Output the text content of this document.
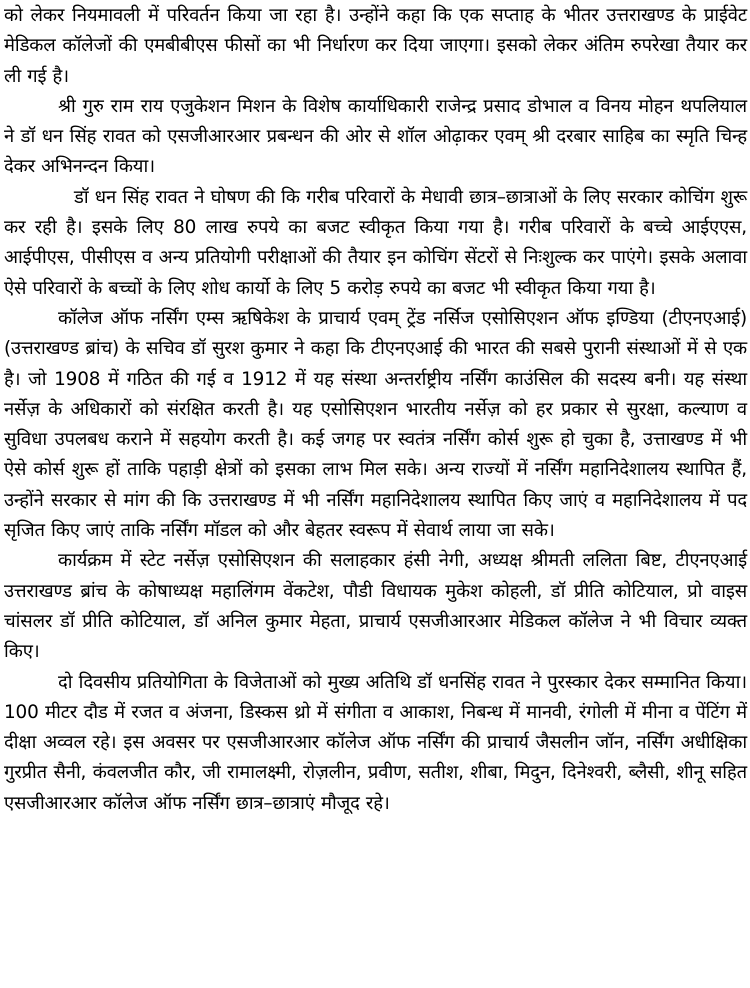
को लेकर नियमावली में परिवर्तन किया जा रहा है। उन्होंने कहा कि एक सप्ताह के भीतर उत्तराखण्ड के प्राईवेट मेडिकल कॉलेजों की एमबीबीएस फीसों का भी निर्धारण कर दिया जाएगा। इसको लेकर अंतिम रुपरेखा तैयार कर ली गई है।

श्री गुरु राम राय एजुकेशन मिशन के विशेष कार्याधिकारी राजेन्द्र प्रसाद डोभाल व विनय मोहन थपलियाल ने डॉ धन सिंह रावत को एसजीआरआर प्रबन्धन की ओर से शॉल ओढ़ाकर एवम् श्री दरबार साहिब का स्मृति चिन्ह देकर अभिनन्दन किया।

डॉ धन सिंह रावत ने घोषण की कि गरीब परिवारों के मेधावी छात्र–छात्राओं के लिए सरकार कोचिंग शुरू कर रही है। इसके लिए 80 लाख रुपये का बजट स्वीकृत किया गया है। गरीब परिवारों के बच्चे आईएएस, आईपीएस, पीसीएस व अन्य प्रतियोगी परीक्षाओं की तैयार इन कोचिंग सेंटरों से निःशुल्क कर पाएंगे। इसके अलावा ऐसे परिवारों के बच्चों के लिए शोध कार्यो के लिए 5 करोड़ रुपये का बजट भी स्वीकृत किया गया है।

कॉलेज ऑफ नर्सिंग एम्स ऋषिकेश के प्राचार्य एवम् ट्रेंड नर्सिज एसोसिएशन ऑफ इण्डिया (टीएनएआई) (उत्तराखण्ड ब्रांच) के सचिव डॉ सुरश कुमार ने कहा कि टीएनएआई की भारत की सबसे पुरानी संस्थाओं में से एक है। जो 1908 में गठित की गई व 1912 में यह संस्था अन्तर्राष्ट्रीय नर्सिंग काउंसिल की सदस्य बनी। यह संस्था नर्सेज़ के अधिकारों को संरक्षित करती है। यह एसोसिएशन भारतीय नर्सेज़ को हर प्रकार से सुरक्षा, कल्याण व सुविधा उपलबध कराने में सहयोग करती है। कई जगह पर स्वतंत्र नर्सिंग कोर्स शुरू हो चुका है, उत्ताखण्ड में भी ऐसे कोर्स शुरू हों ताकि पहाड़ी क्षेत्रों को इसका लाभ मिल सके। अन्य राज्यों में नर्सिंग महानिदेशालय स्थापित हैं, उन्होंने सरकार से मांग की कि उत्तराखण्ड में भी नर्सिंग महानिदेशालय स्थापित किए जाएं व महानिदेशालय में पद सृजित किए जाएं ताकि नर्सिंग मॉडल को और बेहतर स्वरूप में सेवार्थ लाया जा सके।

कार्यक्रम में स्टेट नर्सेज़ एसोसिएशन की सलाहकार हंसी नेगी, अध्यक्ष श्रीमती ललिता बिष्ट, टीएनएआई उत्तराखण्ड ब्रांच के कोषाध्यक्ष महालिंगम वेंकटेश, पौडी विधायक मुकेश कोहली, डॉ प्रीति कोटियाल, प्रो वाइस चांसलर डॉ प्रीति कोटियाल, डॉ अनिल कुमार मेहता, प्राचार्य एसजीआरआर मेडिकल कॉलेज ने भी विचार व्यक्त किए।

दो दिवसीय प्रतियोगिता के विजेताओं को मुख्य अतिथि डॉ धनसिंह रावत ने पुरस्कार देकर सम्मानित किया। 100 मीटर दौड में रजत व अंजना, डिस्कस थ्रो में संगीता व आकाश, निबन्ध में मानवी, रंगोली में मीना व पेंटिंग में दीक्षा अव्वल रहे। इस अवसर पर एसजीआरआर कॉलेज ऑफ नर्सिंग की प्राचार्य जैसलीन जॉन, नर्सिंग अधीक्षिका गुरप्रीत सैनी, कंवलजीत कौर, जी रामालक्ष्मी, रोज़लीन, प्रवीण, सतीश, शीबा, मिदुन, दिनेश्वरी, ब्लैसी, शीनू सहित एसजीआरआर कॉलेज ऑफ नर्सिंग छात्र–छात्राएं मौजूद रहे।
